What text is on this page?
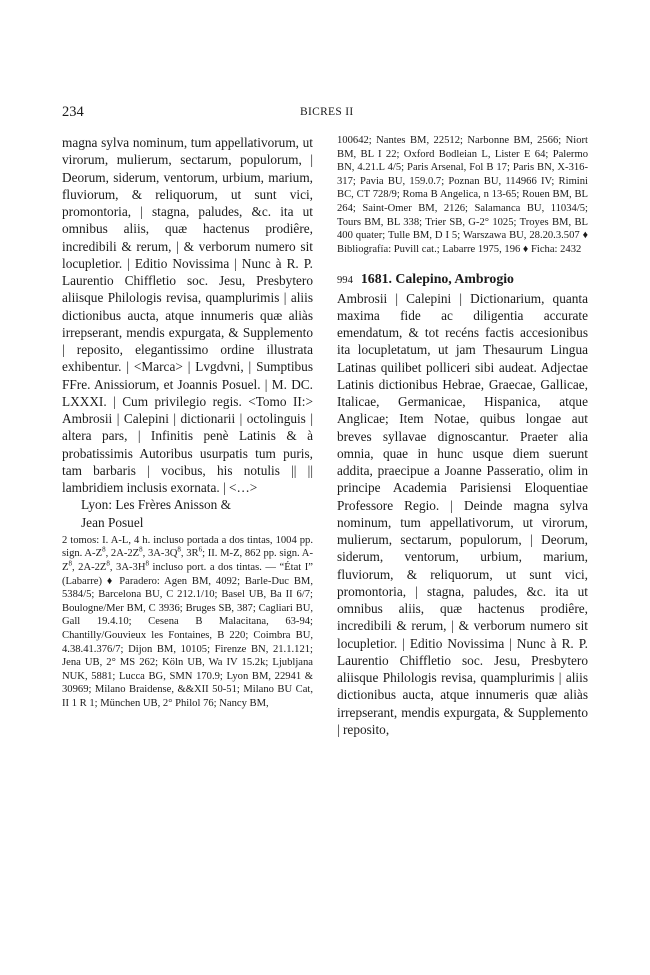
234	BICRES II

magna sylva nominum, tum appellativorum, ut virorum, mulierum, sectarum, populorum, | Deorum, siderum, ventorum, urbium, marium, fluviorum, & reliquorum, ut sunt vici, promontoria, | stagna, paludes, &c. ita ut omnibus aliis, quæ hactenus prodiêre, incredibili & rerum, | & verborum numero sit locupletior. | Editio Novissima | Nunc à R. P. Laurentio Chiffletio soc. Jesu, Presbytero aliisque Philologis revisa, quamplurimis | aliis dictionibus aucta, atque innumeris quæ aliàs irrepserant, mendis expurgata, & Supplemento | reposito, elegantissimo ordine illustrata exhibentur. | <Marca> | Lvgdvni, | Sumptibus FFre. Anissiorum, et Joannis Posuel. | M. DC. LXXXI. | Cum privilegio regis. <Tomo II:> Ambrosii | Calepini | dictionarii | octolinguis | altera pars, | Infinitis penè Latinis & à probatissimis Autoribus usurpatis tum puris, tam barbaris | vocibus, his notulis || || lambridiem inclusis exornata. | <…>

Lyon: Les Frères Anisson &
Jean Posuel

2 tomos: I. A-L, 4 h. incluso portada a dos tintas, 1004 pp. sign. $A-Z^8$, $2A-2Z^8$, $3A-3Q^8$, $3R^6$; II. M-Z, 862 pp. sign. $A-Z^8$, $2A-2Z^8$, $3A-3H^8$ incluso port. a dos tintas. — “État I” (Labarre) ♦ Paradero: Agen BM, 4092; Barle-Duc BM, 5384/5; Barcelona BU, C 212.1/10; Basel UB, Ba II 6/7; Boulogne/Mer BM, C 3936; Bruges SB, 387; Cagliari BU, Gall 19.4.10; Cesena B Malacitana, 63-94; Chantilly/Gouvieux les Fontaines, B 220; Coimbra BU, 4.38.41.376/7; Dijon BM, 10105; Firenze BN, 21.1.121; Jena UB, 2° MS 262; Köln UB, Wa IV 15.2k; Ljubljana NUK, 5881; Lucca BG, SMN 170.9; Lyon BM, 22941 & 30969; Milano Braidense, &&XII 50-51; Milano BU Cat, II 1 R 1; München UB, 2° Philol 76; Nancy BM,

100642; Nantes BM, 22512; Narbonne BM, 2566; Niort BM, BL I 22; Oxford Bodleian L, Lister E 64; Palermo BN, 4.21.L 4/5; Paris Arsenal, Fol B 17; Paris BN, X-316-317; Pavia BU, 159.0.7; Poznan BU, 114966 IV; Rimini BC, CT 728/9; Roma B Angelica, n 13-65; Rouen BM, BL 264; Saint-Omer BM, 2126; Salamanca BU, 11034/5; Tours BM, BL 338; Trier SB, G-2° 1025; Troyes BM, BL 400 quater; Tulle BM, D I 5; Warszawa BU, 28.20.3.507 ♦ Bibliografía: Puvill cat.; Labarre 1975, 196 ♦ Ficha: 2432

994 1681. Calepino, Ambrogio

Ambrosii | Calepini | Dictionarium, quanta maxima fide ac diligentia accurate emendatum, & tot recéns factis accesionibus ita locupletatum, ut jam Thesaurum Lingua Latinas quilibet polliceri sibi audeat. Adjectae Latinis dictionibus Hebrae, Graecae, Gallicae, Italicae, Germanicae, Hispanica, atque Anglicae; Item Notae, quibus longae aut breves syllavae dignoscantur. Praeter alia omnia, quae in hunc usque diem suerunt addita, praecipue a Joanne Passeratio, olim in principe Academia Parisiensi Eloquentiae Professore Regio. | Deinde magna sylva nominum, tum appellativorum, ut virorum, mulierum, sectarum, populorum, | Deorum, siderum, ventorum, urbium, marium, fluviorum, & reliquorum, ut sunt vici, promontoria, | stagna, paludes, &c. ita ut omnibus aliis, quæ hactenus prodiêre, incredibili & rerum, | & verborum numero sit locupletior. | Editio Novissima | Nunc à R. P. Laurentio Chiffletio soc. Jesu, Presbytero aliisque Philologis revisa, quamplurimis | aliis dictionibus aucta, atque innumeris quæ aliàs irrepserant, mendis expurgata, & Supplemento | reposito,
